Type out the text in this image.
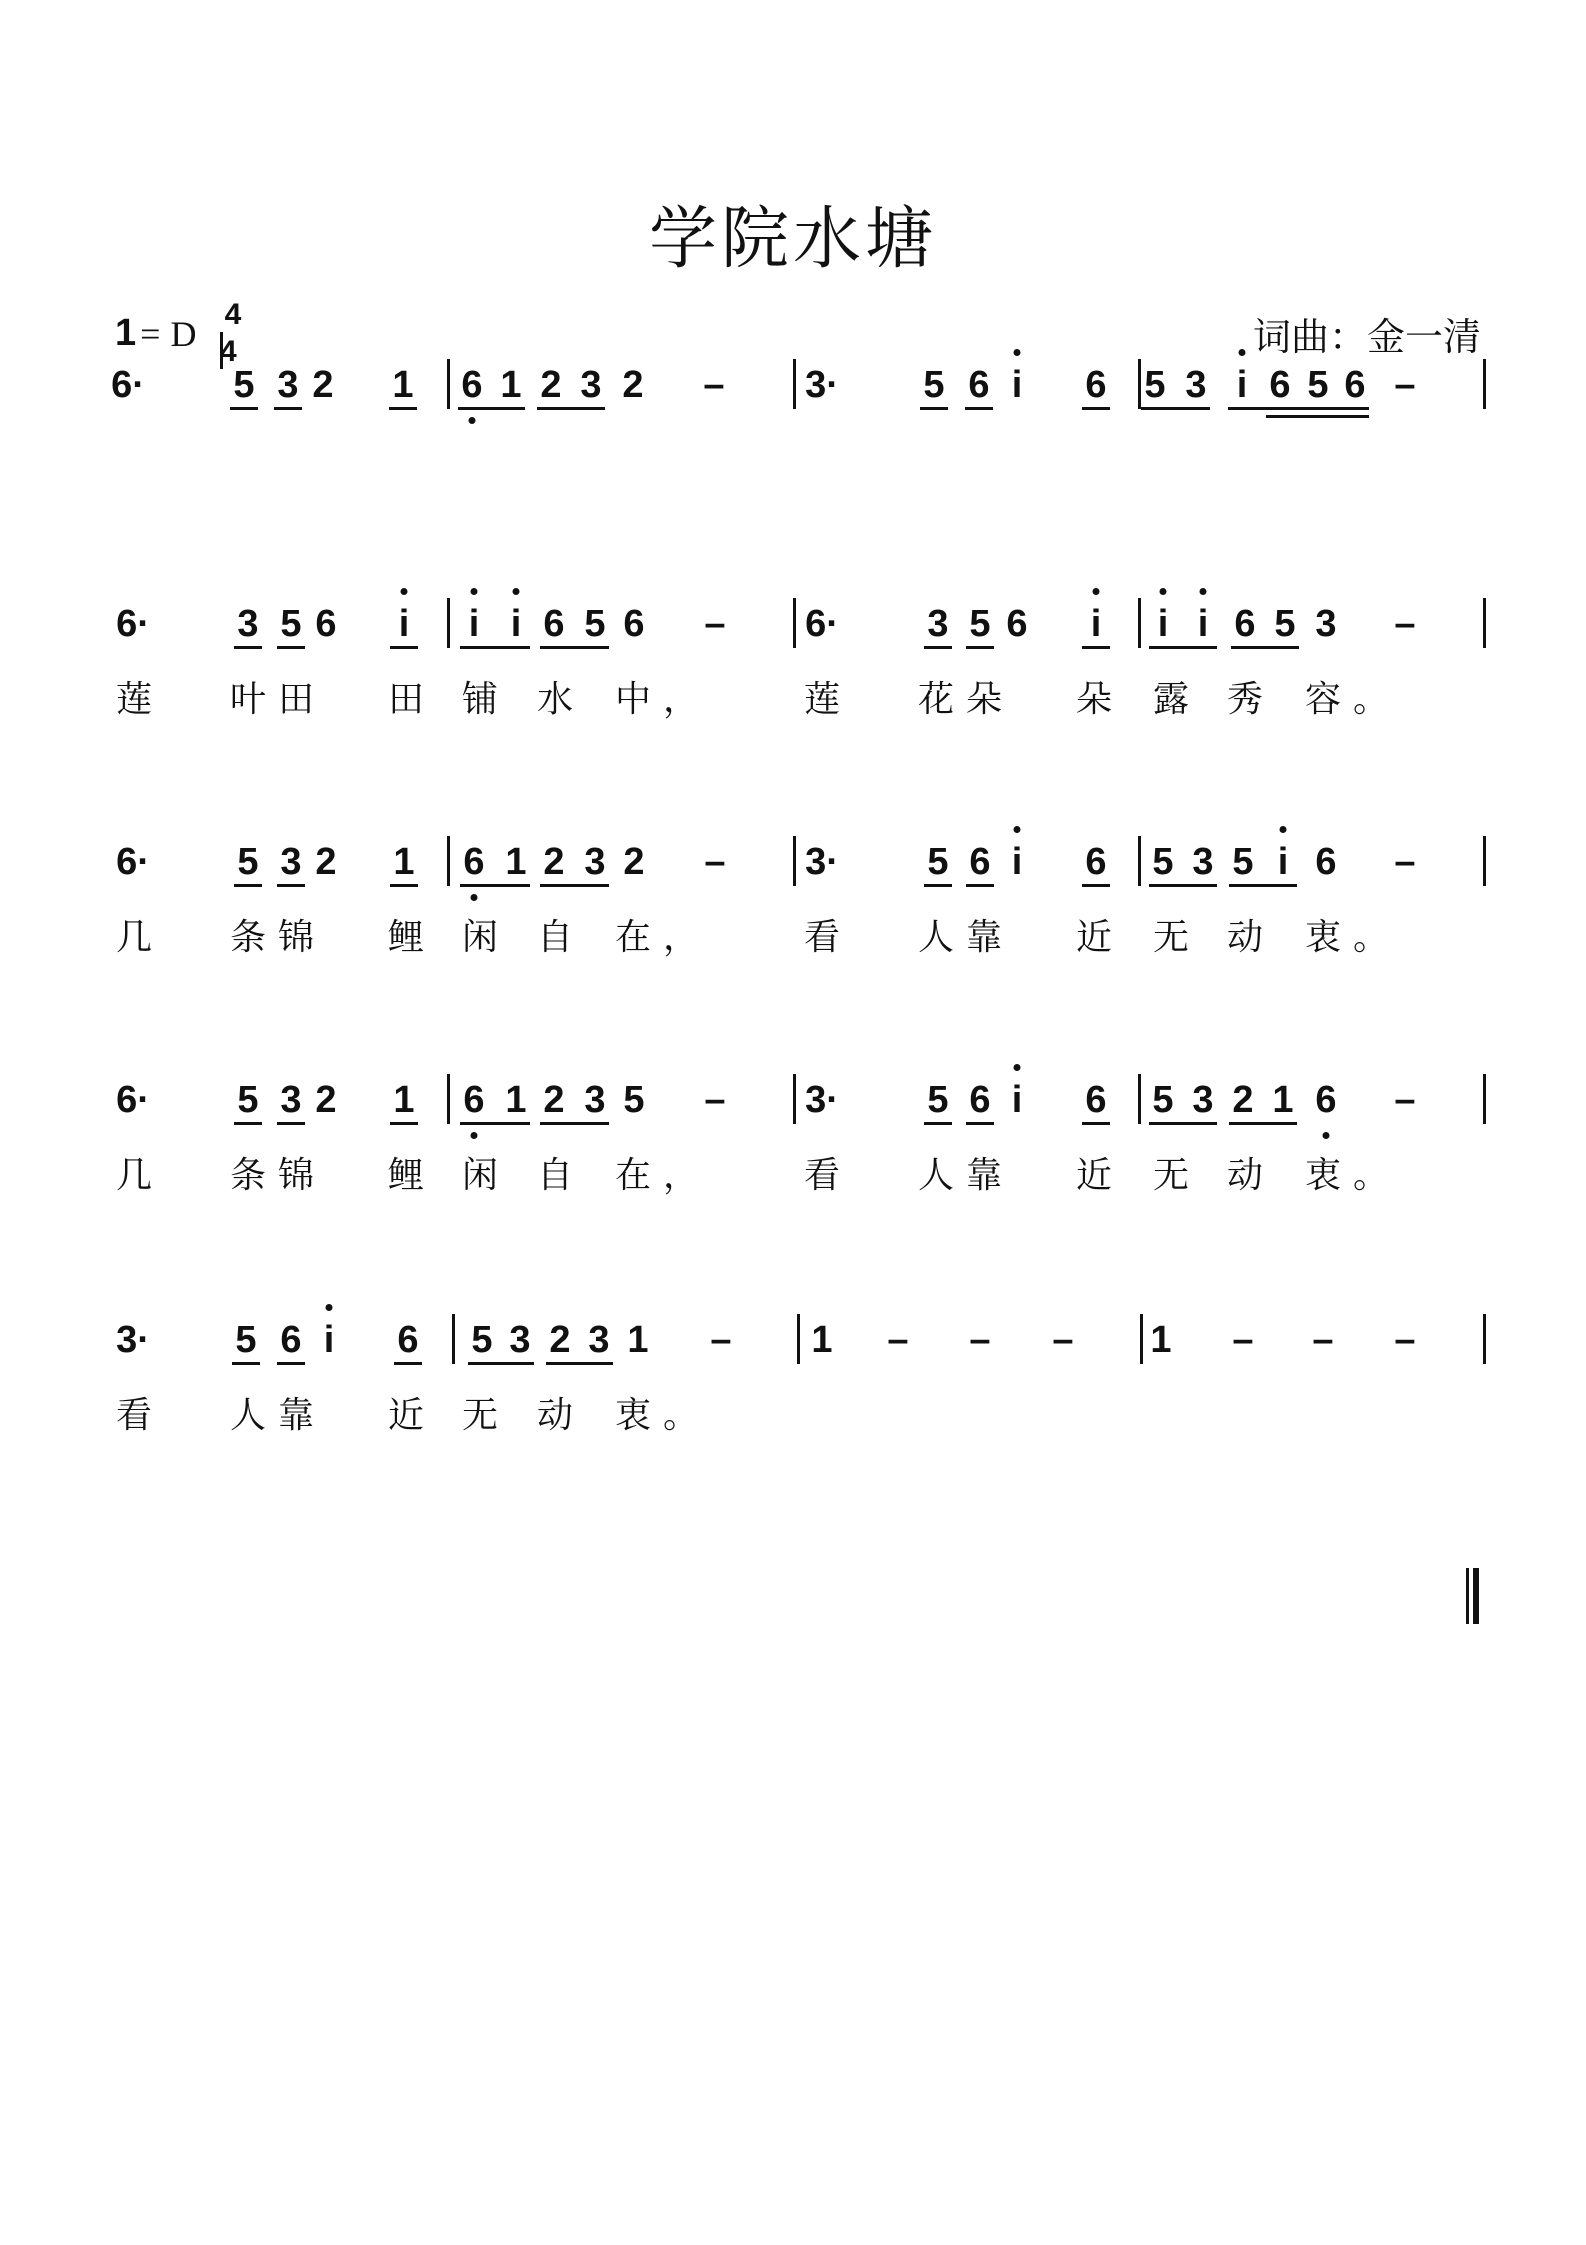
学院水塘
1 = D 4
4	词曲：金一清
6· 5 3 2 1 6 1 2 3 2 – 3· 5 6 i 6 5 3 i 6 5 6 –
6· 3 5 6 i i i 6 5 6 – 6· 3 5 6 i i i 6 5 3 –
莲 叶田 田 铺 水 中，	莲 花朵 朵 露 秀 容。
6· 5 3 2 1 6 1 2 3 2 – 3· 5 6 i 6 5 3 5 i 6 –
几 条锦 鲤 闲 自 在，	看 人靠 近 无 动 衷。
6· 5 3 2 1 6 1 2 3 5 – 3· 5 6 i 6 5 3 2 1 6 –
几 条锦 鲤 闲 自 在，	看 人靠 近 无 动 衷。
3· 5 6 i 6 5 3 2 3 1 – 1 – – – 1 – – –
看 人靠 近 无 动 衷。
